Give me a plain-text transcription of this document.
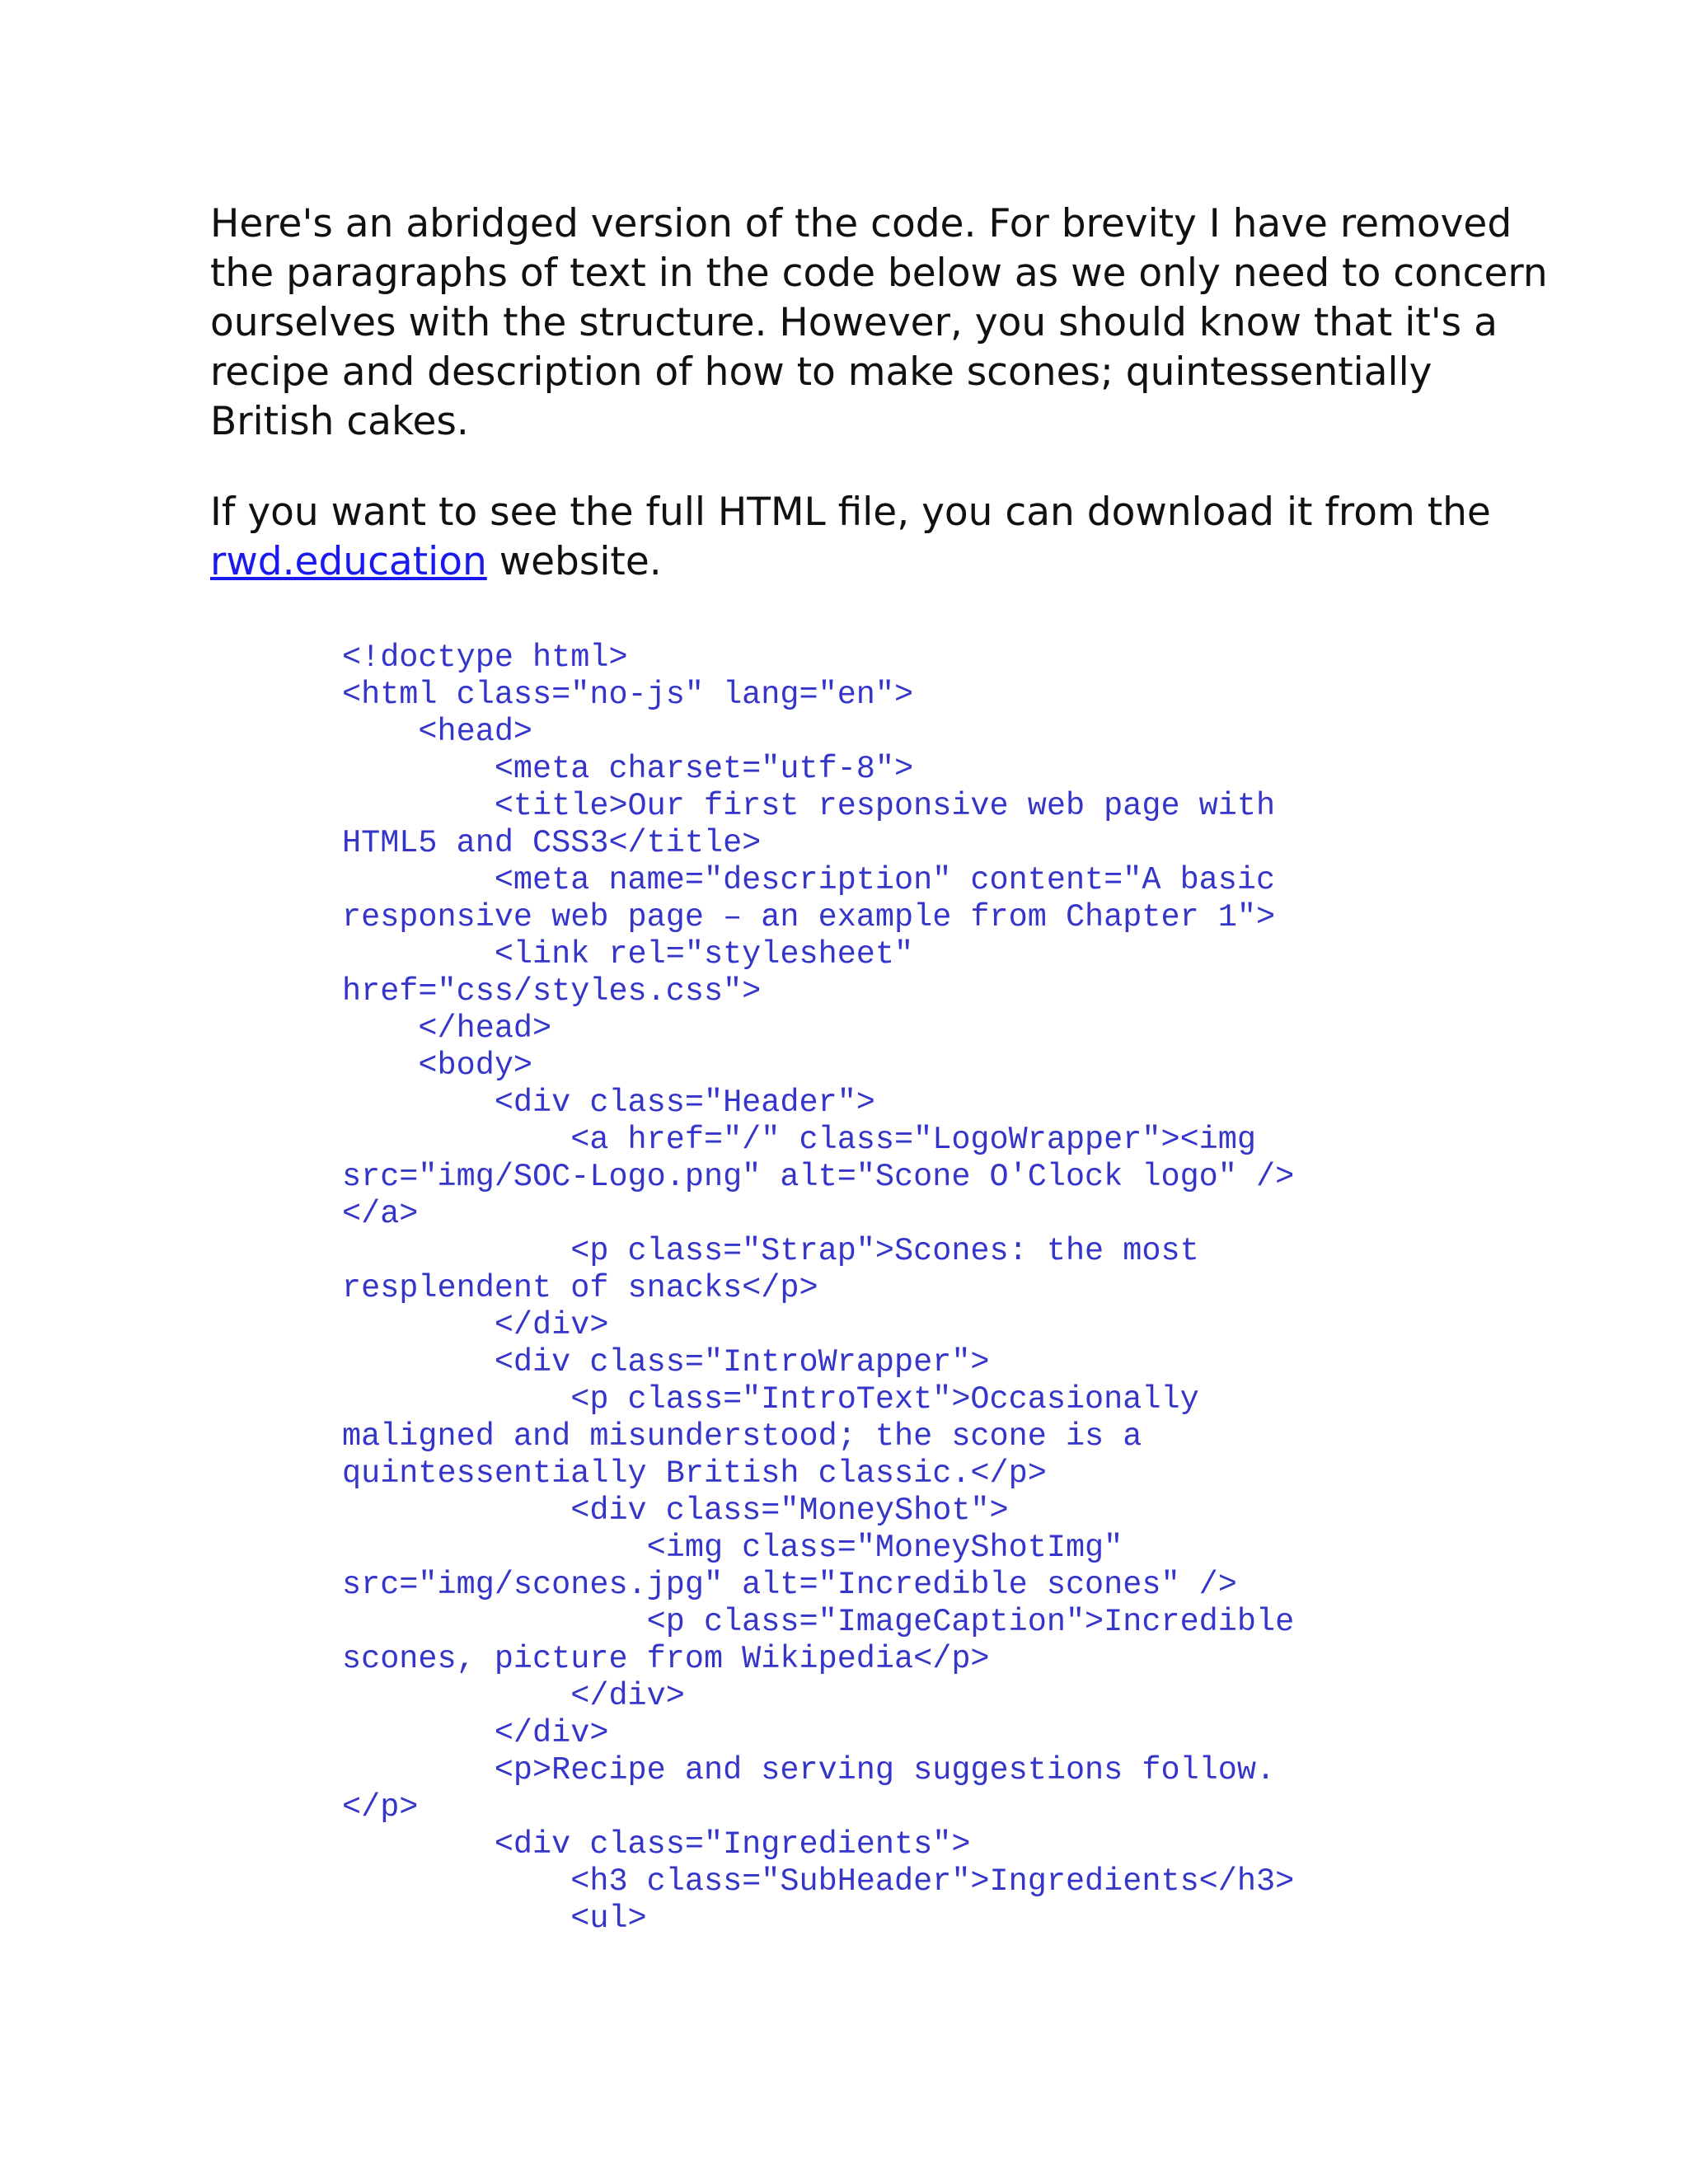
Here's an abridged version of the code. For brevity I have removed
the paragraphs of text in the code below as we only need to concern
ourselves with the structure. However, you should know that it's a
recipe and description of how to make scones; quintessentially
British cakes.

If you want to see the full HTML file, you can download it from the
rwd.education website.

<!doctype html>
<html class="no-js" lang="en">
<head>
<meta charset="utf-8">
<title>Our first responsive web page with
HTML5 and CSS3</title>
<meta name="description" content="A basic
responsive web page – an example from Chapter 1">
<link rel="stylesheet"
href="css/styles.css">
</head>
<body>
<div class="Header">
<a href="/" class="LogoWrapper"><img
src="img/SOC-Logo.png" alt="Scone O'Clock logo" />
</a>
<p class="Strap">Scones: the most
resplendent of snacks</p>
</div>
<div class="IntroWrapper">
<p class="IntroText">Occasionally
maligned and misunderstood; the scone is a
quintessentially British classic.</p>
<div class="MoneyShot">
<img class="MoneyShotImg"
src="img/scones.jpg" alt="Incredible scones" />
<p class="ImageCaption">Incredible
scones, picture from Wikipedia</p>
</div>
</div>
<p>Recipe and serving suggestions follow.
</p>
<div class="Ingredients">
<h3 class="SubHeader">Ingredients</h3>
<ul>
